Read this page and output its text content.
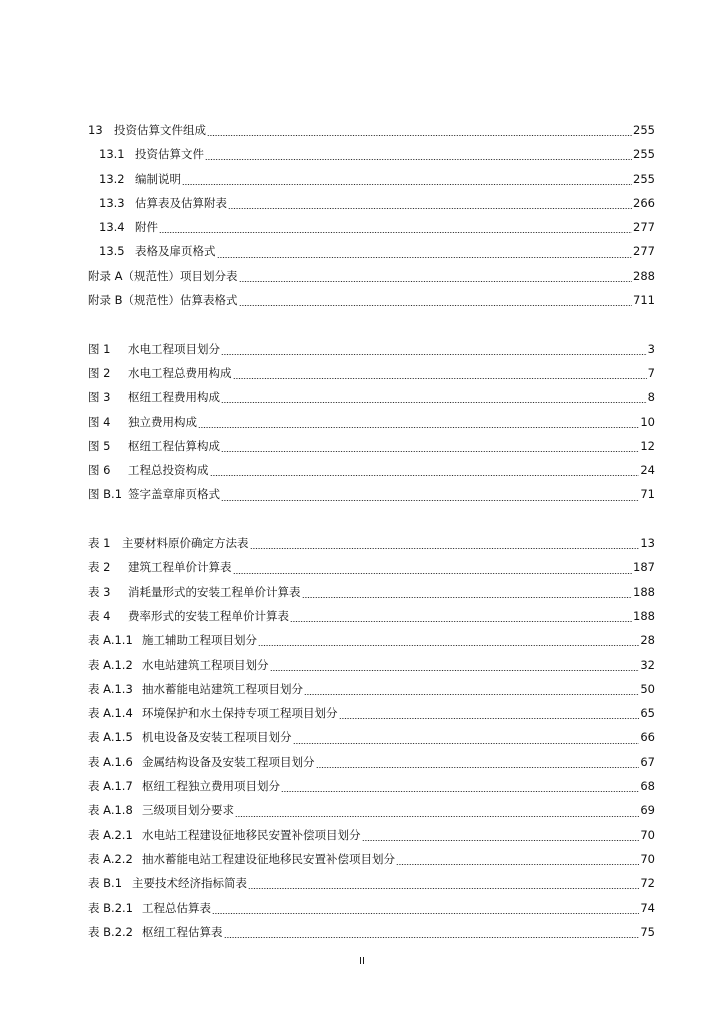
13 投资估算文件组成	255
13.1 投资估算文件	255
13.2 编制说明	255
13.3 估算表及估算附表	266
13.4 附件	277
13.5 表格及扉页格式	277
附录 A（规范性）项目划分表	288
附录 B（规范性）估算表格式	711
图 1	水电工程项目划分	3
图 2	水电工程总费用构成	7
图 3	枢纽工程费用构成	8
图 4	独立费用构成	10
图 5	枢纽工程估算构成	12
图 6	工程总投资构成	24
图 B.1 签字盖章扉页格式	71
表 1	主要材料原价确定方法表	13
表 2	建筑工程单价计算表	187
表 3	消耗量形式的安装工程单价计算表	188
表 4	费率形式的安装工程单价计算表	188
表 A.1.1 施工辅助工程项目划分	28
表 A.1.2 水电站建筑工程项目划分	32
表 A.1.3 抽水蓄能电站建筑工程项目划分	50
表 A.1.4 环境保护和水土保持专项工程项目划分	65
表 A.1.5 机电设备及安装工程项目划分	66
表 A.1.6 金属结构设备及安装工程项目划分	67
表 A.1.7 枢纽工程独立费用项目划分	68
表 A.1.8 三级项目划分要求	69
表 A.2.1 水电站工程建设征地移民安置补偿项目划分	70
表 A.2.2 抽水蓄能电站工程建设征地移民安置补偿项目划分	70
表 B.1 主要技术经济指标简表	72
表 B.2.1 工程总估算表	74
表 B.2.2 枢纽工程估算表	75
II
